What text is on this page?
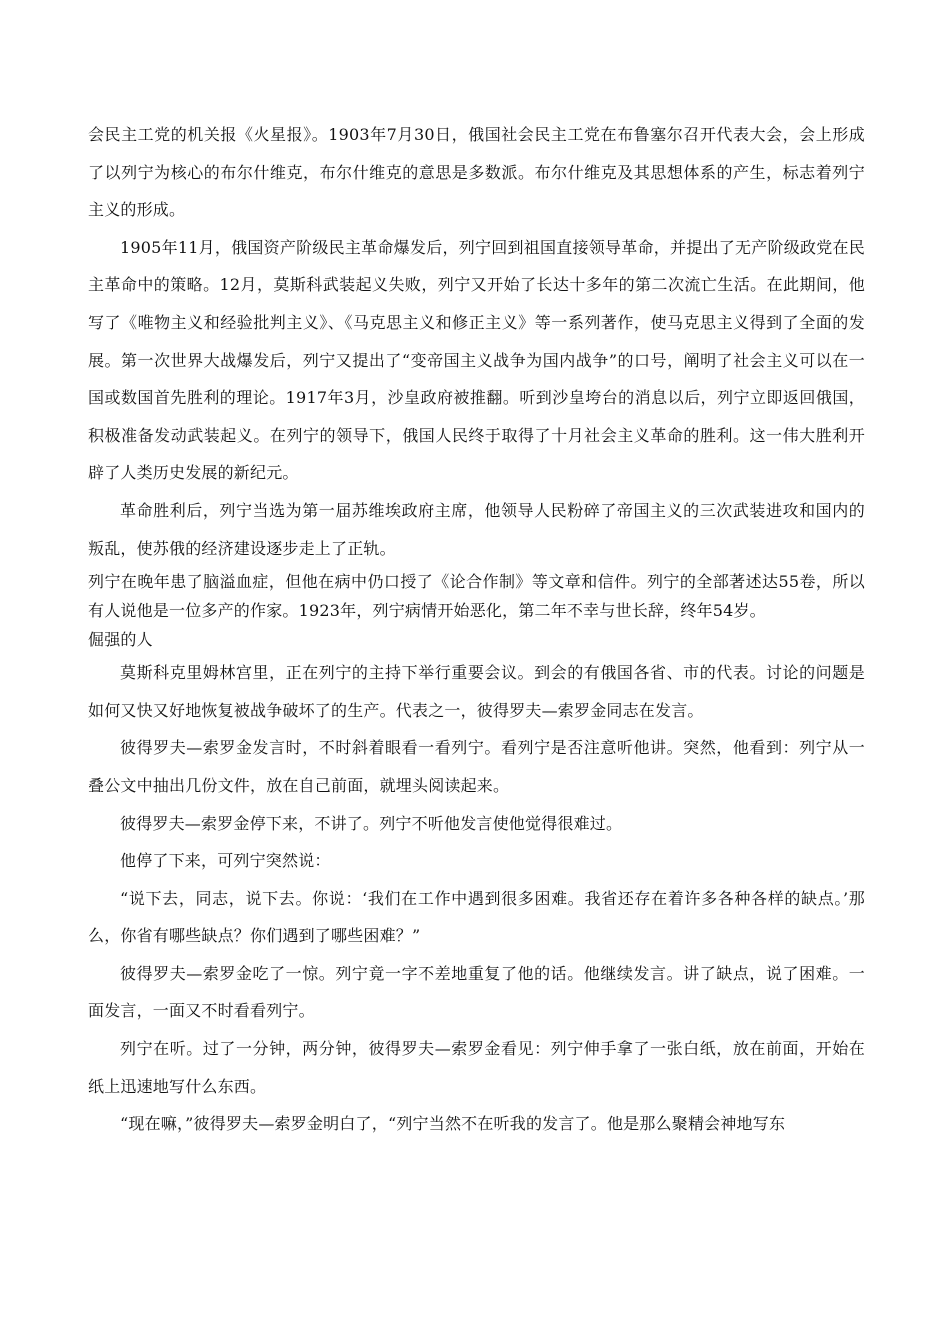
会民主工党的机关报《火星报》。1903年7月30日，俄国社会民主工党在布鲁塞尔召开代表大会，会上形成了以列宁为核心的布尔什维克，布尔什维克的意思是多数派。布尔什维克及其思想体系的产生，标志着列宁主义的形成。

1905年11月，俄国资产阶级民主革命爆发后，列宁回到祖国直接领导革命，并提出了无产阶级政党在民主革命中的策略。12月，莫斯科武装起义失败，列宁又开始了长达十多年的第二次流亡生活。在此期间，他写了《唯物主义和经验批判主义》、《马克思主义和修正主义》等一系列著作，使马克思主义得到了全面的发展。第一次世界大战爆发后，列宁又提出了“变帝国主义战争为国内战争”的口号，阐明了社会主义可以在一国或数国首先胜利的理论。1917年3月，沙皇政府被推翻。听到沙皇垮台的消息以后，列宁立即返回俄国，积极准备发动武装起义。在列宁的领导下，俄国人民终于取得了十月社会主义革命的胜利。这一伟大胜利开辟了人类历史发展的新纪元。

革命胜利后，列宁当选为第一届苏维埃政府主席，他领导人民粉碎了帝国主义的三次武装进攻和国内的叛乱，使苏俄的经济建设逐步走上了正轨。

列宁在晚年患了脑溢血症，但他在病中仍口授了《论合作制》等文章和信件。列宁的全部著述达55卷，所以有人说他是一位多产的作家。1923年，列宁病情开始恶化，第二年不幸与世长辞，终年54岁。

倔强的人

莫斯科克里姆林宫里，正在列宁的主持下举行重要会议。到会的有俄国各省、市的代表。讨论的问题是如何又快又好地恢复被战争破坏了的生产。代表之一，彼得罗夫—索罗金同志在发言。

彼得罗夫—索罗金发言时，不时斜着眼看一看列宁。看列宁是否注意听他讲。突然，他看到：列宁从一叠公文中抽出几份文件，放在自己前面，就埋头阅读起来。

彼得罗夫—索罗金停下来，不讲了。列宁不听他发言使他觉得很难过。

他停了下来，可列宁突然说：

“说下去，同志，说下去。你说：‘我们在工作中遇到很多困难。我省还存在着许多各种各样的缺点。’那么，你省有哪些缺点？你们遇到了哪些困难？”

彼得罗夫—索罗金吃了一惊。列宁竟一字不差地重复了他的话。他继续发言。讲了缺点，说了困难。一面发言，一面又不时看看列宁。

列宁在听。过了一分钟，两分钟，彼得罗夫—索罗金看见：列宁伸手拿了一张白纸，放在前面，开始在纸上迅速地写什么东西。

“现在嘛，”彼得罗夫—索罗金明白了，“列宁当然不在听我的发言了。他是那么聚精会神地写东
